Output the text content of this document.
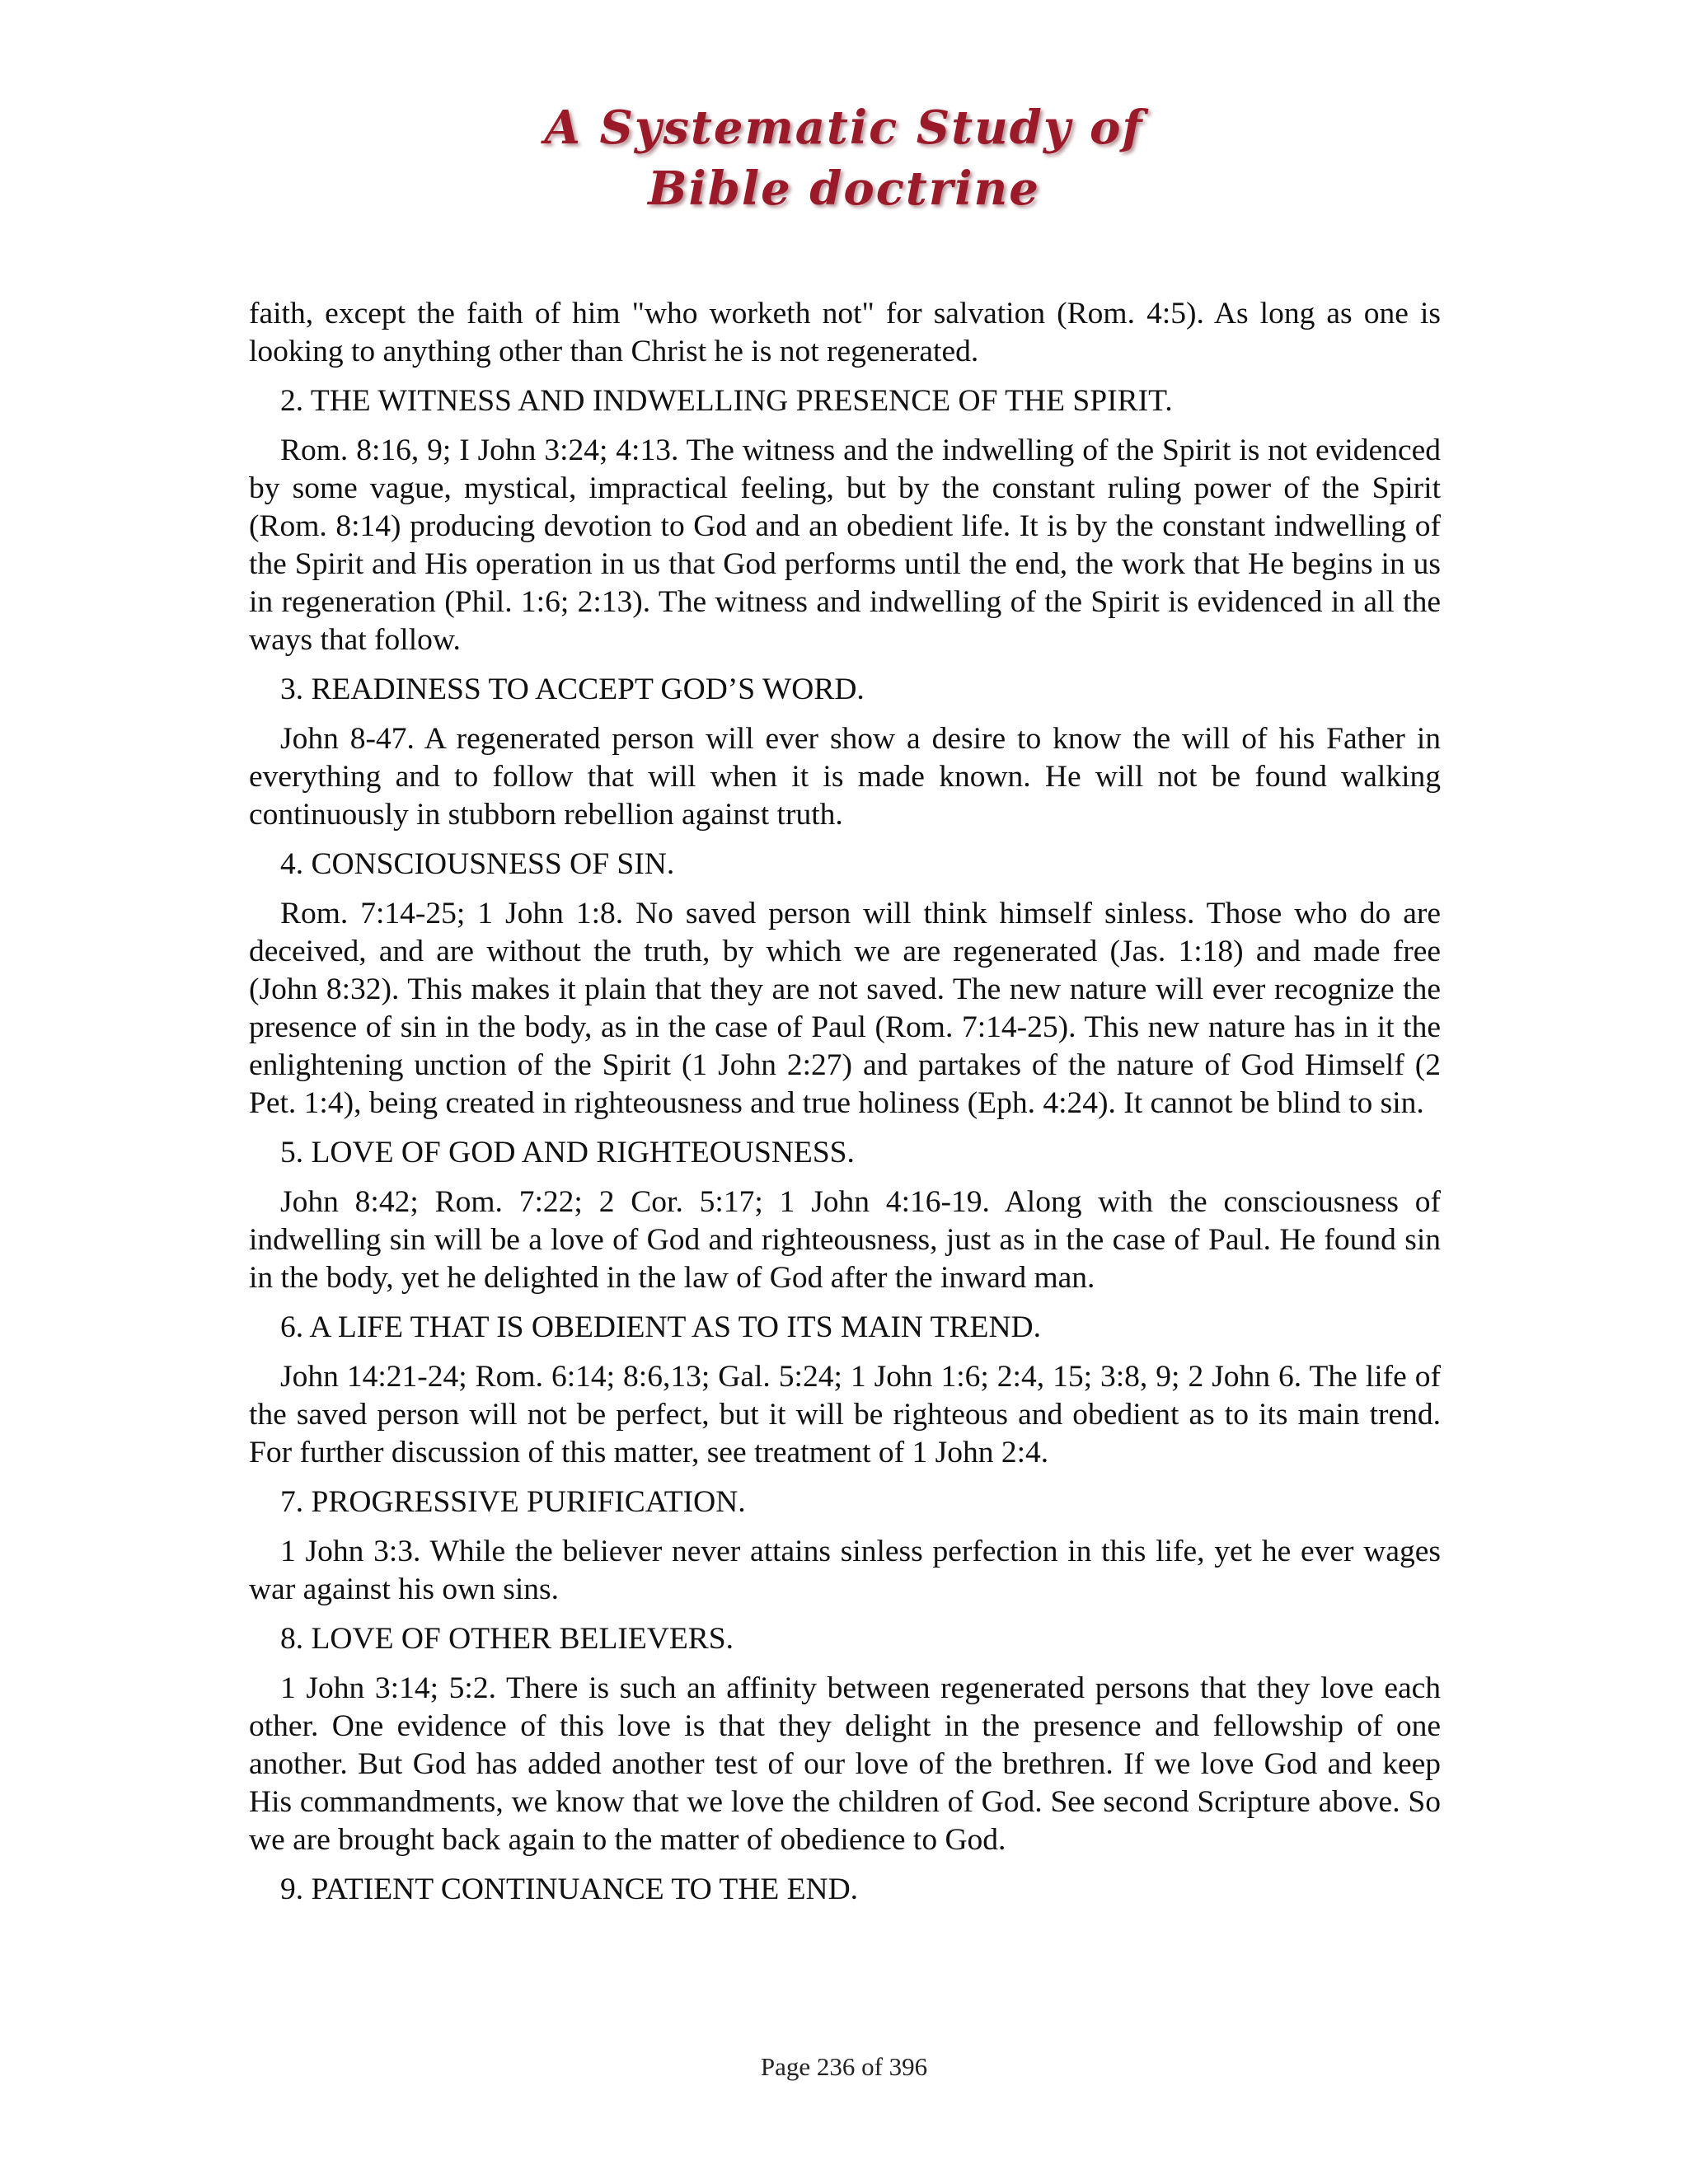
A Systematic Study of
Bible doctrine

faith, except the faith of him "who worketh not" for salvation (Rom. 4:5). As long as one is looking to anything other than Christ he is not regenerated.

2. THE WITNESS AND INDWELLING PRESENCE OF THE SPIRIT.

Rom. 8:16, 9; I John 3:24; 4:13. The witness and the indwelling of the Spirit is not evidenced by some vague, mystical, impractical feeling, but by the constant ruling power of the Spirit (Rom. 8:14) producing devotion to God and an obedient life. It is by the constant indwelling of the Spirit and His operation in us that God performs until the end, the work that He begins in us in regeneration (Phil. 1:6; 2:13). The witness and indwelling of the Spirit is evidenced in all the ways that follow.

3. READINESS TO ACCEPT GOD’S WORD.

John 8-47. A regenerated person will ever show a desire to know the will of his Father in everything and to follow that will when it is made known. He will not be found walking continuously in stubborn rebellion against truth.

4. CONSCIOUSNESS OF SIN.

Rom. 7:14-25; 1 John 1:8. No saved person will think himself sinless. Those who do are deceived, and are without the truth, by which we are regenerated (Jas. 1:18) and made free (John 8:32). This makes it plain that they are not saved. The new nature will ever recognize the presence of sin in the body, as in the case of Paul (Rom. 7:14-25). This new nature has in it the enlightening unction of the Spirit (1 John 2:27) and partakes of the nature of God Himself (2 Pet. 1:4), being created in righteousness and true holiness (Eph. 4:24). It cannot be blind to sin.

5. LOVE OF GOD AND RIGHTEOUSNESS.

John 8:42; Rom. 7:22; 2 Cor. 5:17; 1 John 4:16-19. Along with the consciousness of indwelling sin will be a love of God and righteousness, just as in the case of Paul. He found sin in the body, yet he delighted in the law of God after the inward man.

6. A LIFE THAT IS OBEDIENT AS TO ITS MAIN TREND.

John 14:21-24; Rom. 6:14; 8:6,13; Gal. 5:24; 1 John 1:6; 2:4, 15; 3:8, 9; 2 John 6. The life of the saved person will not be perfect, but it will be righteous and obedient as to its main trend. For further discussion of this matter, see treatment of 1 John 2:4.

7. PROGRESSIVE PURIFICATION.

1 John 3:3. While the believer never attains sinless perfection in this life, yet he ever wages war against his own sins.

8. LOVE OF OTHER BELIEVERS.

1 John 3:14; 5:2. There is such an affinity between regenerated persons that they love each other. One evidence of this love is that they delight in the presence and fellowship of one another. But God has added another test of our love of the brethren. If we love God and keep His commandments, we know that we love the children of God. See second Scripture above. So we are brought back again to the matter of obedience to God.

9. PATIENT CONTINUANCE TO THE END.

Page 236 of 396
